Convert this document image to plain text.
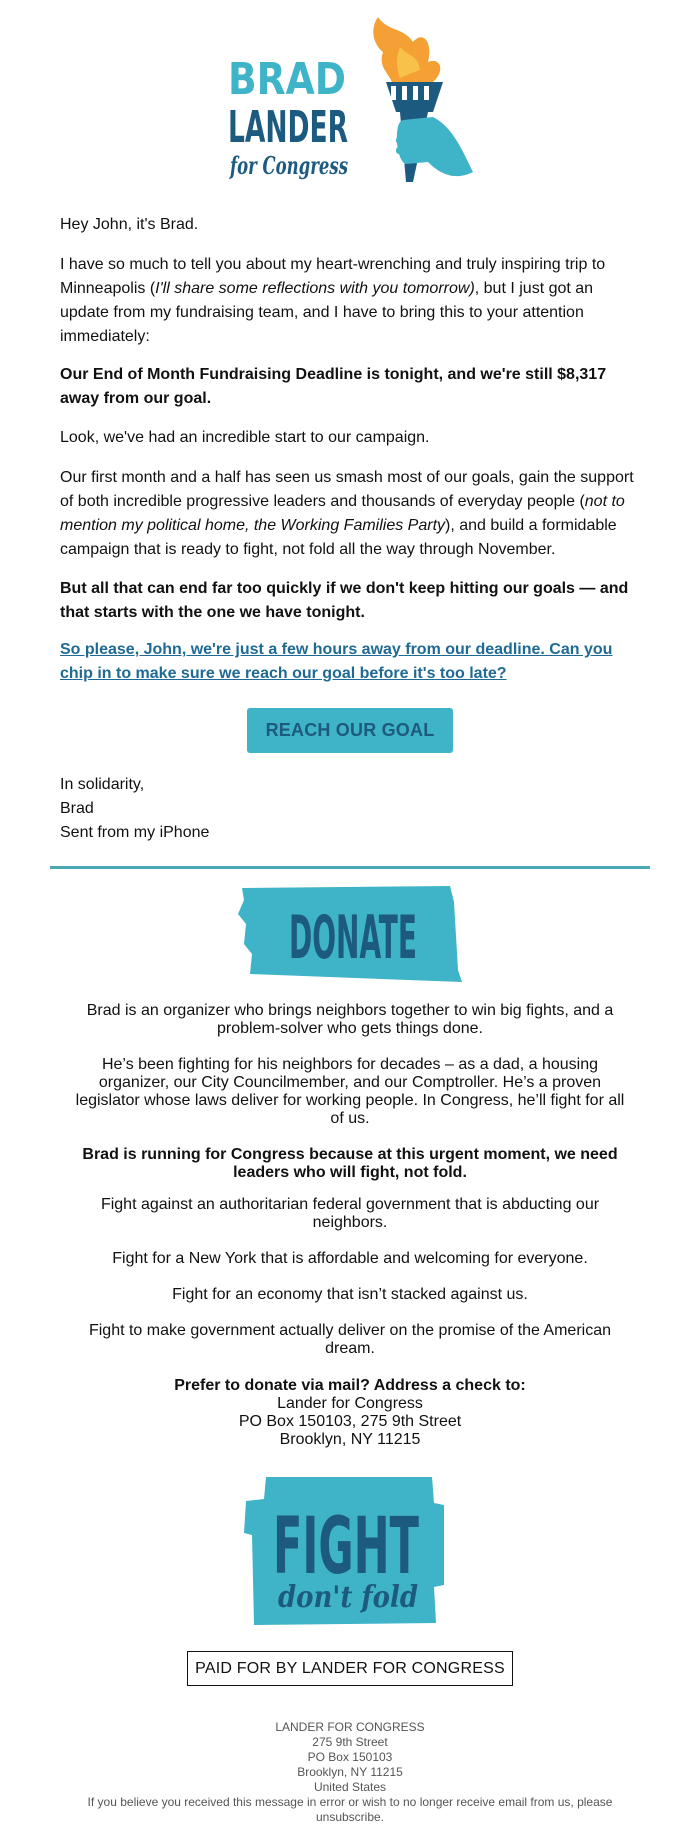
BRAD
LANDER
for Congress

Hey John, it's Brad.

I have so much to tell you about my heart-wrenching and truly inspiring trip to Minneapolis (I'll share some reflections with you tomorrow), but I just got an update from my fundraising team, and I have to bring this to your attention immediately:

Our End of Month Fundraising Deadline is tonight, and we're still $8,317 away from our goal.

Look, we've had an incredible start to our campaign.

Our first month and a half has seen us smash most of our goals, gain the support of both incredible progressive leaders and thousands of everyday people (not to mention my political home, the Working Families Party), and build a formidable campaign that is ready to fight, not fold all the way through November.

But all that can end far too quickly if we don't keep hitting our goals — and that starts with the one we have tonight.

So please, John, we're just a few hours away from our deadline. Can you chip in to make sure we reach our goal before it's too late?
REACH OUR GOAL

In solidarity,

Brad

Sent from my iPhone

DONATE

Brad is an organizer who brings neighbors together to win big fights, and a problem-solver who gets things done.

He’s been fighting for his neighbors for decades – as a dad, a housing organizer, our City Councilmember, and our Comptroller. He’s a proven legislator whose laws deliver for working people. In Congress, he’ll fight for all of us.

Brad is running for Congress because at this urgent moment, we need leaders who will fight, not fold.

Fight against an authoritarian federal government that is abducting our neighbors.

Fight for a New York that is affordable and welcoming for everyone.

Fight for an economy that isn’t stacked against us.

Fight to make government actually deliver on the promise of the American dream.

Prefer to donate via mail? Address a check to:

Lander for Congress

PO Box 150103, 275 9th Street

Brooklyn, NY 11215

FIGHT
don't fold
PAID FOR BY LANDER FOR CONGRESS
LANDER FOR CONGRESS
275 9th Street
PO Box 150103
Brooklyn, NY 11215
United States
If you believe you received this message in error or wish to no longer receive email from us, please unsubscribe.
